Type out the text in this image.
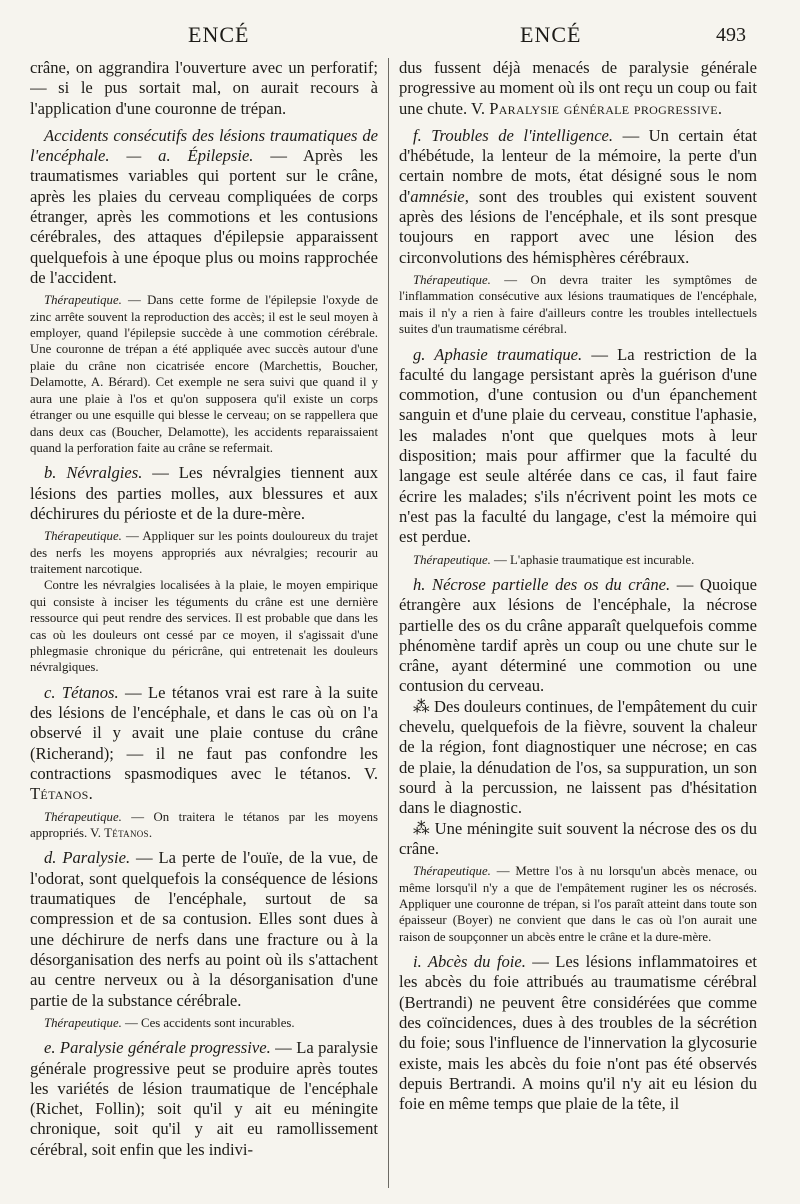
ENCÉ	ENCÉ	493

crâne, on aggrandira l'ouverture avec un perforatif; — si le pus sortait mal, on aurait recours à l'application d'une couronne de trépan.

Accidents consécutifs des lésions traumatiques de l'encéphale. — a. Épilepsie. — Après les traumatismes variables qui portent sur le crâne, après les plaies du cerveau compliquées de corps étranger, après les commotions et les contusions cérébrales, des attaques d'épilepsie apparaissent quelquefois à une époque plus ou moins rapprochée de l'accident.

Thérapeutique. — Dans cette forme de l'épilepsie l'oxyde de zinc arrête souvent la reproduction des accès; il est le seul moyen à employer, quand l'épilepsie succède à une commotion cérébrale. Une couronne de trépan a été appliquée avec succès autour d'une plaie du crâne non cicatrisée encore (Marchettis, Boucher, Delamotte, A. Bérard). Cet exemple ne sera suivi que quand il y aura une plaie à l'os et qu'on supposera qu'il existe un corps étranger ou une esquille qui blesse le cerveau; on se rappellera que dans deux cas (Boucher, Delamotte), les accidents reparaissaient quand la perforation faite au crâne se refermait.

b. Névralgies. — Les névralgies tiennent aux lésions des parties molles, aux blessures et aux déchirures du périoste et de la dure-mère.

Thérapeutique. — Appliquer sur les points douloureux du trajet des nerfs les moyens appropriés aux névralgies; recourir au traitement narcotique.

Contre les névralgies localisées à la plaie, le moyen empirique qui consiste à inciser les téguments du crâne est une dernière ressource qui peut rendre des services. Il est probable que dans les cas où les douleurs ont cessé par ce moyen, il s'agissait d'une phlegmasie chronique du péricrâne, qui entretenait les douleurs névralgiques.

c. Tétanos. — Le tétanos vrai est rare à la suite des lésions de l'encéphale, et dans le cas où on l'a observé il y avait une plaie contuse du crâne (Richerand); — il ne faut pas confondre les contractions spasmodiques avec le tétanos. V. Tétanos.

Thérapeutique. — On traitera le tétanos par les moyens appropriés. V. Tétanos.

d. Paralysie. — La perte de l'ouïe, de la vue, de l'odorat, sont quelquefois la conséquence de lésions traumatiques de l'encéphale, surtout de sa compression et de sa contusion. Elles sont dues à une déchirure de nerfs dans une fracture ou à la désorganisation des nerfs au point où ils s'attachent au centre nerveux ou à la désorganisation d'une partie de la substance cérébrale.

Thérapeutique. — Ces accidents sont incurables.

e. Paralysie générale progressive. — La paralysie générale progressive peut se produire après toutes les variétés de lésion traumatique de l'encéphale (Richet, Follin); soit qu'il y ait eu méningite chronique, soit qu'il y ait eu ramollissement cérébral, soit enfin que les indivi-

dus fussent déjà menacés de paralysie générale progressive au moment où ils ont reçu un coup ou fait une chute. V. Paralysie générale progressive.

f. Troubles de l'intelligence. — Un certain état d'hébétude, la lenteur de la mémoire, la perte d'un certain nombre de mots, état désigné sous le nom d'amnésie, sont des troubles qui existent souvent après des lésions de l'encéphale, et ils sont presque toujours en rapport avec une lésion des circonvolutions des hémisphères cérébraux.

Thérapeutique. — On devra traiter les symptômes de l'inflammation consécutive aux lésions traumatiques de l'encéphale, mais il n'y a rien à faire d'ailleurs contre les troubles intellectuels suites d'un traumatisme cérébral.

g. Aphasie traumatique. — La restriction de la faculté du langage persistant après la guérison d'une commotion, d'une contusion ou d'un épanchement sanguin et d'une plaie du cerveau, constitue l'aphasie, les malades n'ont que quelques mots à leur disposition; mais pour affirmer que la faculté du langage est seule altérée dans ce cas, il faut faire écrire les malades; s'ils n'écrivent point les mots ce n'est pas la faculté du langage, c'est la mémoire qui est perdue.

Thérapeutique. — L'aphasie traumatique est incurable.

h. Nécrose partielle des os du crâne. — Quoique étrangère aux lésions de l'encéphale, la nécrose partielle des os du crâne apparaît quelquefois comme phénomène tardif après un coup ou une chute sur le crâne, ayant déterminé une commotion ou une contusion du cerveau.

⁂ Des douleurs continues, de l'empâtement du cuir chevelu, quelquefois de la fièvre, souvent la chaleur de la région, font diagnostiquer une nécrose; en cas de plaie, la dénudation de l'os, sa suppuration, un son sourd à la percussion, ne laissent pas d'hésitation dans le diagnostic.

⁂ Une méningite suit souvent la nécrose des os du crâne.

Thérapeutique. — Mettre l'os à nu lorsqu'un abcès menace, ou même lorsqu'il n'y a que de l'empâtement ruginer les os nécrosés. Appliquer une couronne de trépan, si l'os paraît atteint dans toute son épaisseur (Boyer) ne convient que dans le cas où l'on aurait une raison de soupçonner un abcès entre le crâne et la dure-mère.

i. Abcès du foie. — Les lésions inflammatoires et les abcès du foie attribués au traumatisme cérébral (Bertrandi) ne peuvent être considérées que comme des coïncidences, dues à des troubles de la sécrétion du foie; sous l'influence de l'innervation la glycosurie existe, mais les abcès du foie n'ont pas été observés depuis Bertrandi. A moins qu'il n'y ait eu lésion du foie en même temps que plaie de la tête, il
